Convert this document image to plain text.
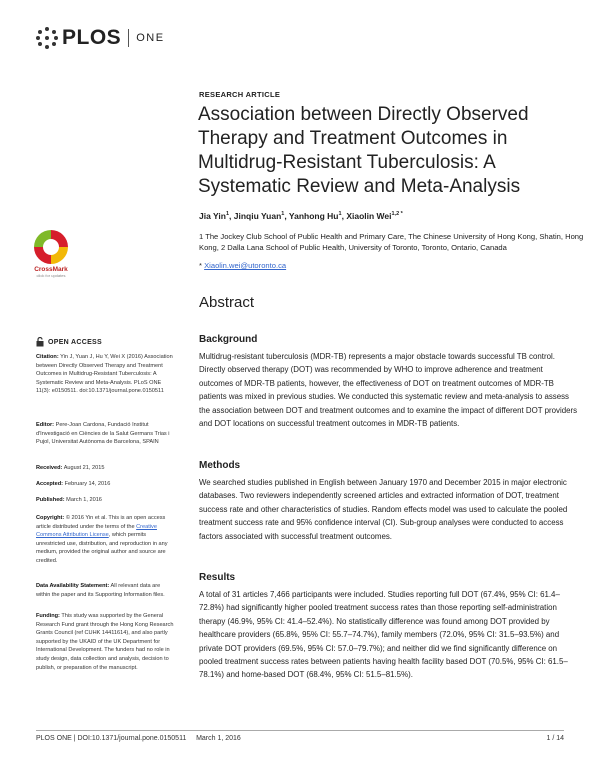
PLOS ONE
RESEARCH ARTICLE
Association between Directly Observed Therapy and Treatment Outcomes in Multidrug-Resistant Tuberculosis: A Systematic Review and Meta-Analysis
Jia Yin$^1$, Jinqiu Yuan$^1$, Yanhong Hu$^1$, Xiaolin Wei$^{1,2 *}$
1 The Jockey Club School of Public Health and Primary Care, The Chinese University of Hong Kong, Shatin, Hong Kong, 2 Dalla Lana School of Public Health, University of Toronto, Toronto, Ontario, Canada
* Xiaolin.wei@utoronto.ca
Abstract
CrossMark
click for updates
OPEN ACCESS
Citation: Yin J, Yuan J, Hu Y, Wei X (2016) Association between Directly Observed Therapy and Treatment Outcomes in Multidrug-Resistant Tuberculosis: A Systematic Review and Meta-Analysis. PLoS ONE 11(3): e0150511. doi:10.1371/journal.pone.0150511
Editor: Pere-Joan Cardona, Fundació Institut d'Investigació en Ciències de la Salut Germans Trias i Pujol, Universitat Autònoma de Barcelona, SPAIN
Received: August 21, 2015
Accepted: February 14, 2016
Published: March 1, 2016
Copyright: © 2016 Yin et al. This is an open access article distributed under the terms of the Creative Commons Attribution License, which permits unrestricted use, distribution, and reproduction in any medium, provided the original author and source are credited.
Data Availability Statement: All relevant data are within the paper and its Supporting Information files.
Funding: This study was supported by the General Research Fund grant through the Hong Kong Research Grants Council (ref CUHK 14411614), and also partly supported by the UKAID of the UK Department for International Development. The funders had no role in study design, data collection and analysis, decision to publish, or preparation of the manuscript.
Background

Multidrug-resistant tuberculosis (MDR-TB) represents a major obstacle towards successful TB control. Directly observed therapy (DOT) was recommended by WHO to improve adherence and treatment outcomes of MDR-TB patients, however, the effectiveness of DOT on treatment outcomes of MDR-TB patients was mixed in previous studies. We conducted this systematic review and meta-analysis to assess the association between DOT and treatment outcomes and to examine the impact of different DOT providers and DOT locations on successful treatment outcomes in MDR-TB patients.

Methods

We searched studies published in English between January 1970 and December 2015 in major electronic databases. Two reviewers independently screened articles and extracted information of DOT, treatment success rate and other characteristics of studies. Random effects model was used to calculate the pooled treatment success rate and 95% confidence interval (CI). Sub-group analyses were conducted to access factors associated with successful treatment outcomes.

Results

A total of 31 articles 7,466 participants were included. Studies reporting full DOT (67.4%, 95% CI: 61.4–72.8%) had significantly higher pooled treatment success rates than those reporting self-administration therapy (46.9%, 95% CI: 41.4–52.4%). No statistically difference was found among DOT provided by healthcare providers (65.8%, 95% CI: 55.7–74.7%), family members (72.0%, 95% CI: 31.5–93.5%) and private DOT providers (69.5%, 95% CI: 57.0–79.7%); and neither did we find significantly difference on pooled treatment success rates between patients having health facility based DOT (70.5%, 95% CI: 61.5–78.1%) and home-based DOT (68.4%, 95% CI: 51.5–81.5%).

PLOS ONE | DOI:10.1371/journal.pone.0150511     March 1, 2016	1 / 14
